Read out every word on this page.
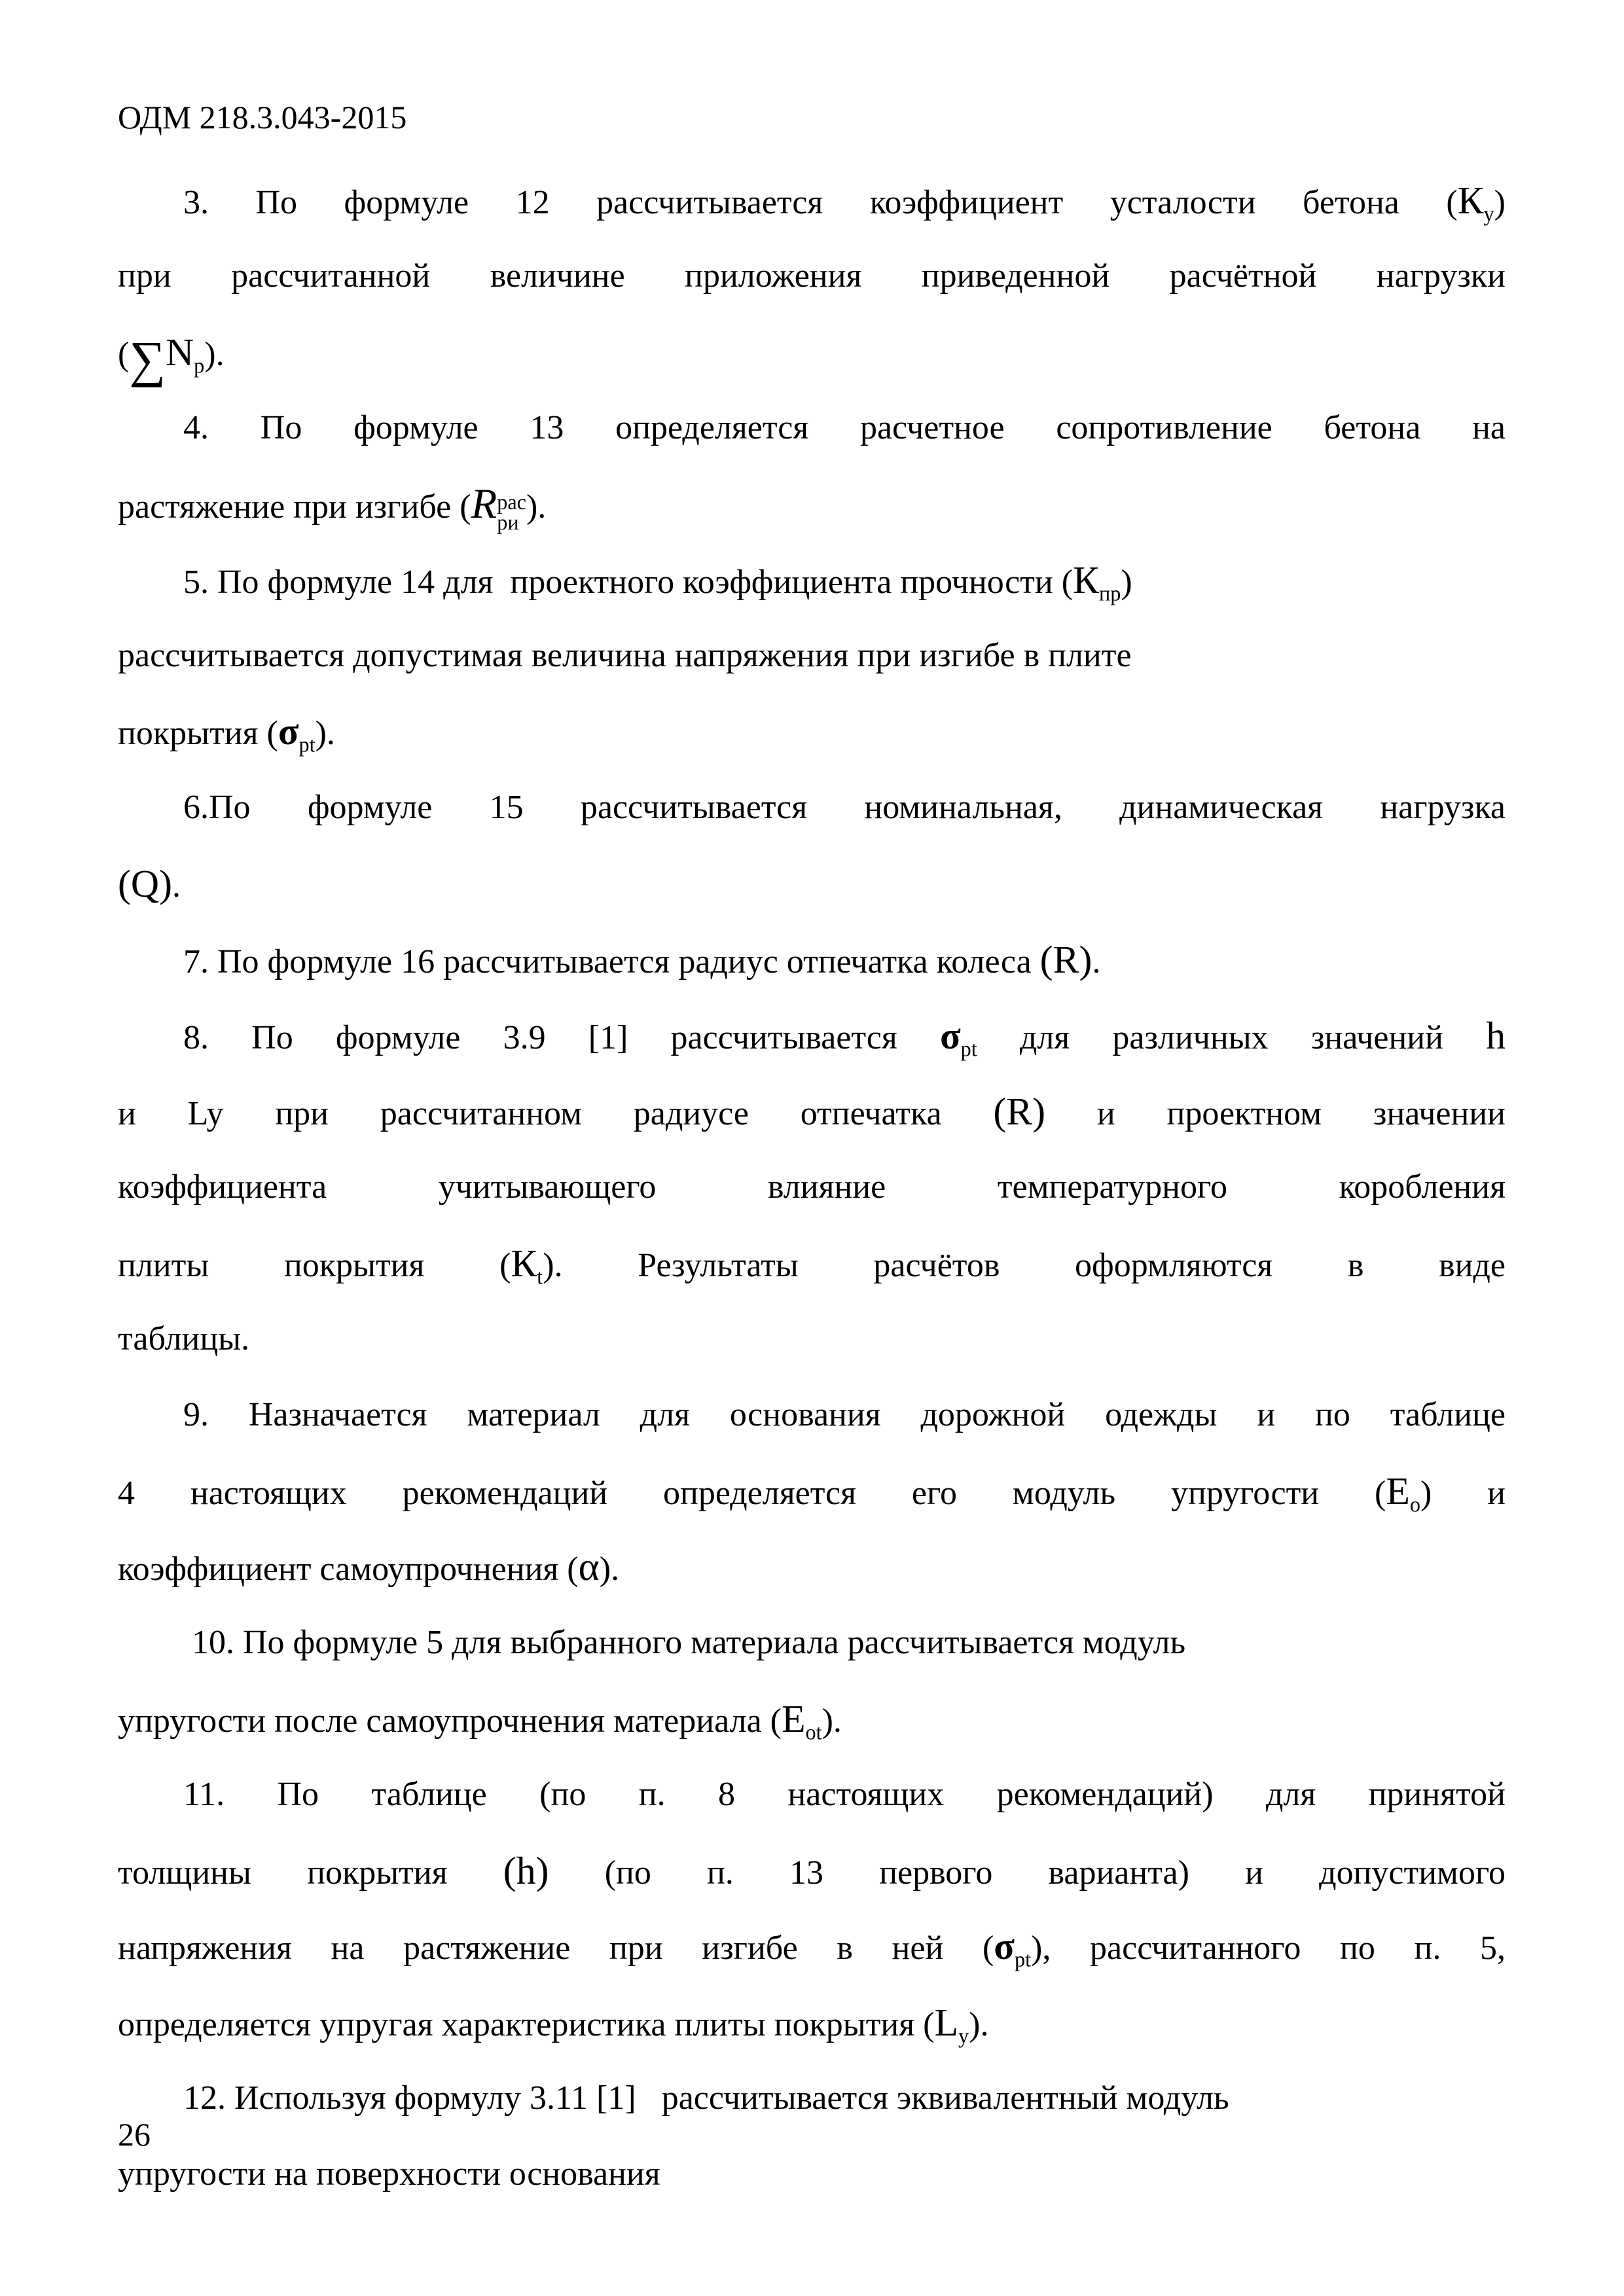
ОДМ 218.3.043-2015
3. По формуле 12 рассчитывается коэффициент усталости бетона $(К_у)$
при рассчитанной величине приложения приведенной расчётной нагрузки
$(\sum N_p)$.
4. По формуле 13 определяется расчетное сопротивление бетона на
растяжение при изгибе (R рас
ри ).
5. По формуле 14 для  проектного коэффициента прочности $(К_{пр})$
рассчитывается допустимая величина напряжения при изгибе в плите
покрытия $(\sigma_{pt})$.
6.По формуле 15 рассчитывается номинальная, динамическая нагрузка
(Q).
7. По формуле 16 рассчитывается радиус отпечатка колеса (R).
8. По формуле 3.9 [1] рассчитывается $\sigma_{pt}$ для различных значений h
и Ly при рассчитанном радиусе отпечатка (R) и проектном значении
коэффициента учитывающего влияние температурного коробления
плиты покрытия $(К_t)$. Результаты расчётов оформляются в виде
таблицы.
9. Назначается материал для основания дорожной одежды и по таблице
4 настоящих рекомендаций определяется его модуль упругости $(Е_о)$ и
коэффициент самоупрочнения (α).
10. По формуле 5 для выбранного материала рассчитывается модуль
упругости после самоупрочнения материала $(Е_{ot})$.
11. По таблице (по п. 8 настоящих рекомендаций) для принятой
толщины покрытия (h) (по п. 13 первого варианта) и допустимого
напряжения на растяжение при изгибе в ней $(\sigma_{pt})$, рассчитанного по п. 5,
определяется упругая характеристика плиты покрытия $(L_у)$.
12. Используя формулу 3.11 [1]   рассчитывается эквивалентный модуль
упругости на поверхности основания
26
